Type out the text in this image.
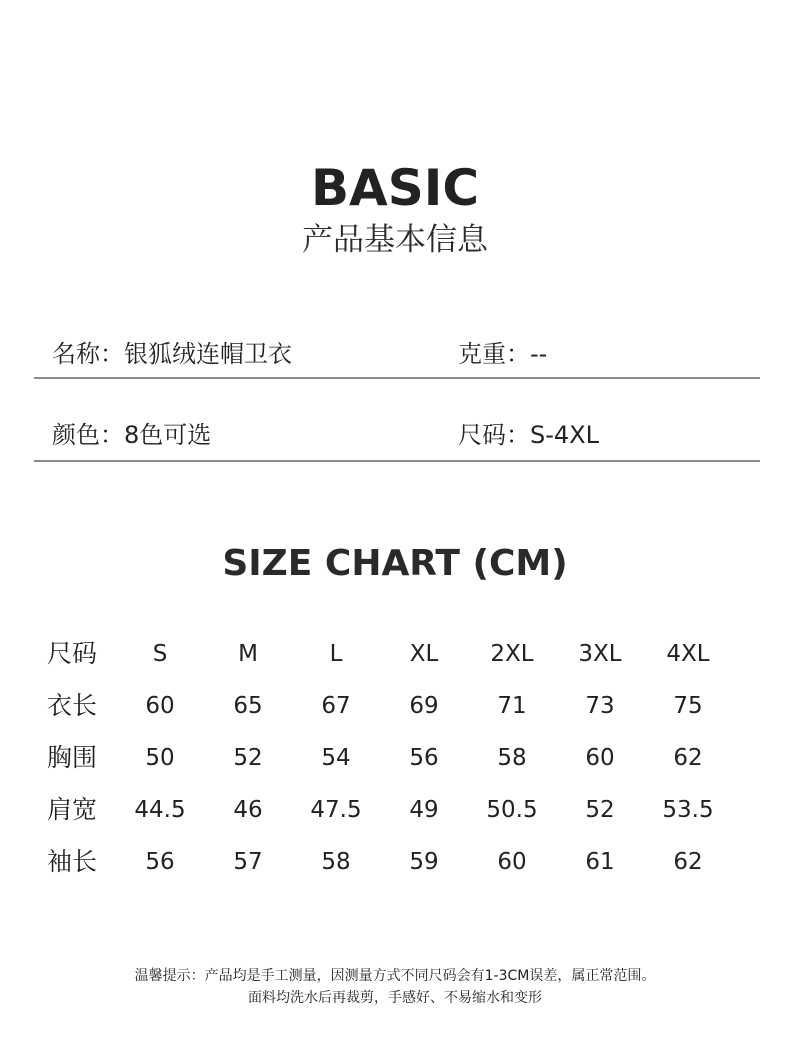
BASIC
产品基本信息
名称：银狐绒连帽卫衣	克重：--
颜色：8色可选	尺码：S-4XL
SIZE CHART (CM)
尺码	S	M	L	XL	2XL	3XL	4XL
衣长	60	65	67	69	71	73	75
胸围	50	52	54	56	58	60	62
肩宽	44.5	46	47.5	49	50.5	52	53.5
袖长	56	57	58	59	60	61	62
温馨提示：产品均是手工测量，因测量方式不同尺码会有1-3CM误差，属正常范围。
面料均洗水后再裁剪，手感好、不易缩水和变形
